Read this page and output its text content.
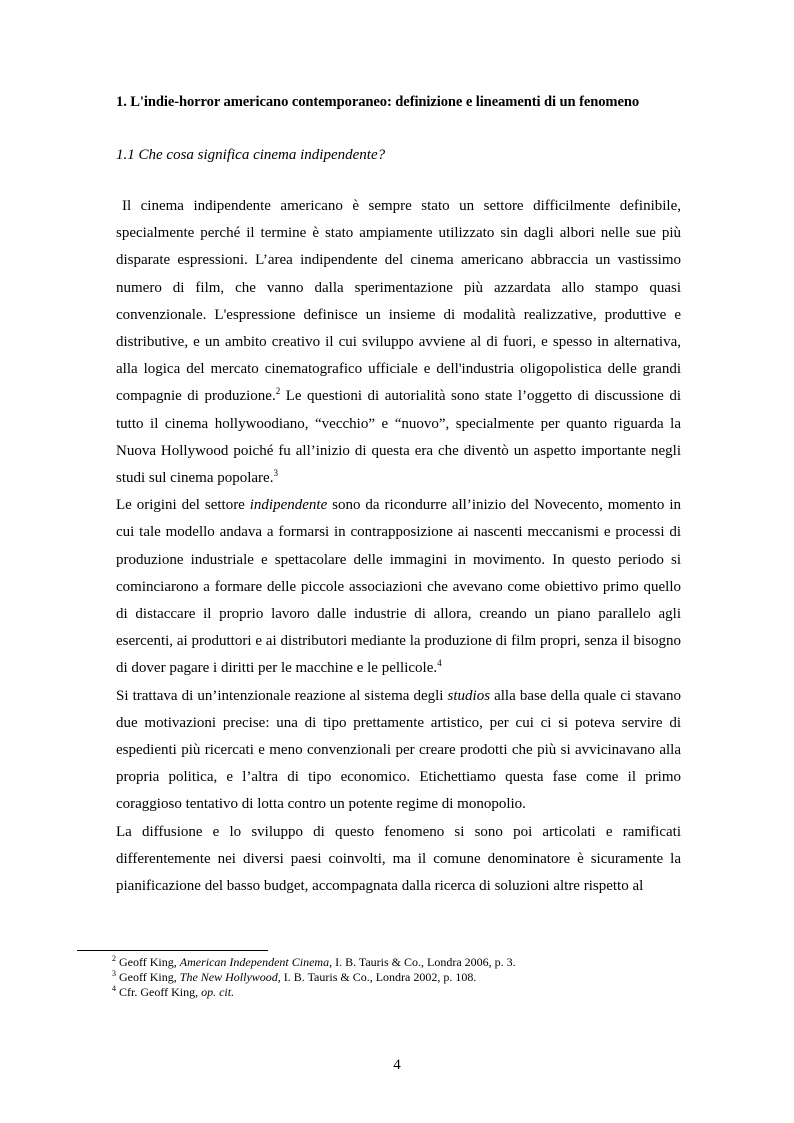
1. L'indie-horror americano contemporaneo: definizione e lineamenti di un fenomeno

1.1 Che cosa significa cinema indipendente?

Il cinema indipendente americano è sempre stato un settore difficilmente definibile, specialmente perché il termine è stato ampiamente utilizzato sin dagli albori nelle sue più disparate espressioni. L’area indipendente del cinema americano abbraccia un vastissimo numero di film, che vanno dalla sperimentazione più azzardata allo stampo quasi convenzionale. L'espressione definisce un insieme di modalità realizzative, produttive e distributive, e un ambito creativo il cui sviluppo avviene al di fuori, e spesso in alternativa, alla logica del mercato cinematografico ufficiale e dell'industria oligopolistica delle grandi compagnie di produzione.$^2$ Le questioni di autorialità sono state l’oggetto di discussione di tutto il cinema hollywoodiano, “vecchio” e “nuovo”, specialmente per quanto riguarda la Nuova Hollywood poiché fu all’inizio di questa era che diventò un aspetto importante negli studi sul cinema popolare.$^3$

Le origini del settore indipendente sono da ricondurre all’inizio del Novecento, momento in cui tale modello andava a formarsi in contrapposizione ai nascenti meccanismi e processi di produzione industriale e spettacolare delle immagini in movimento. In questo periodo si cominciarono a formare delle piccole associazioni che avevano come obiettivo primo quello di distaccare il proprio lavoro dalle industrie di allora, creando un piano parallelo agli esercenti, ai produttori e ai distributori mediante la produzione di film propri, senza il bisogno di dover pagare i diritti per le macchine e le pellicole.$^4$

Si trattava di un’intenzionale reazione al sistema degli studios alla base della quale ci stavano due motivazioni precise: una di tipo prettamente artistico, per cui ci si poteva servire di espedienti più ricercati e meno convenzionali per creare prodotti che più si avvicinavano alla propria politica, e l’altra di tipo economico. Etichettiamo questa fase come il primo coraggioso tentativo di lotta contro un potente regime di monopolio.

La diffusione e lo sviluppo di questo fenomeno si sono poi articolati e ramificati differentemente nei diversi paesi coinvolti, ma il comune denominatore è sicuramente la pianificazione del basso budget, accompagnata dalla ricerca di soluzioni altre rispetto al

$^2$ Geoff King, American Independent Cinema, I. B. Tauris & Co., Londra 2006, p. 3.
$^3$ Geoff King, The New Hollywood, I. B. Tauris & Co., Londra 2002, p. 108.
$^4$ Cfr. Geoff King, op. cit.
4
